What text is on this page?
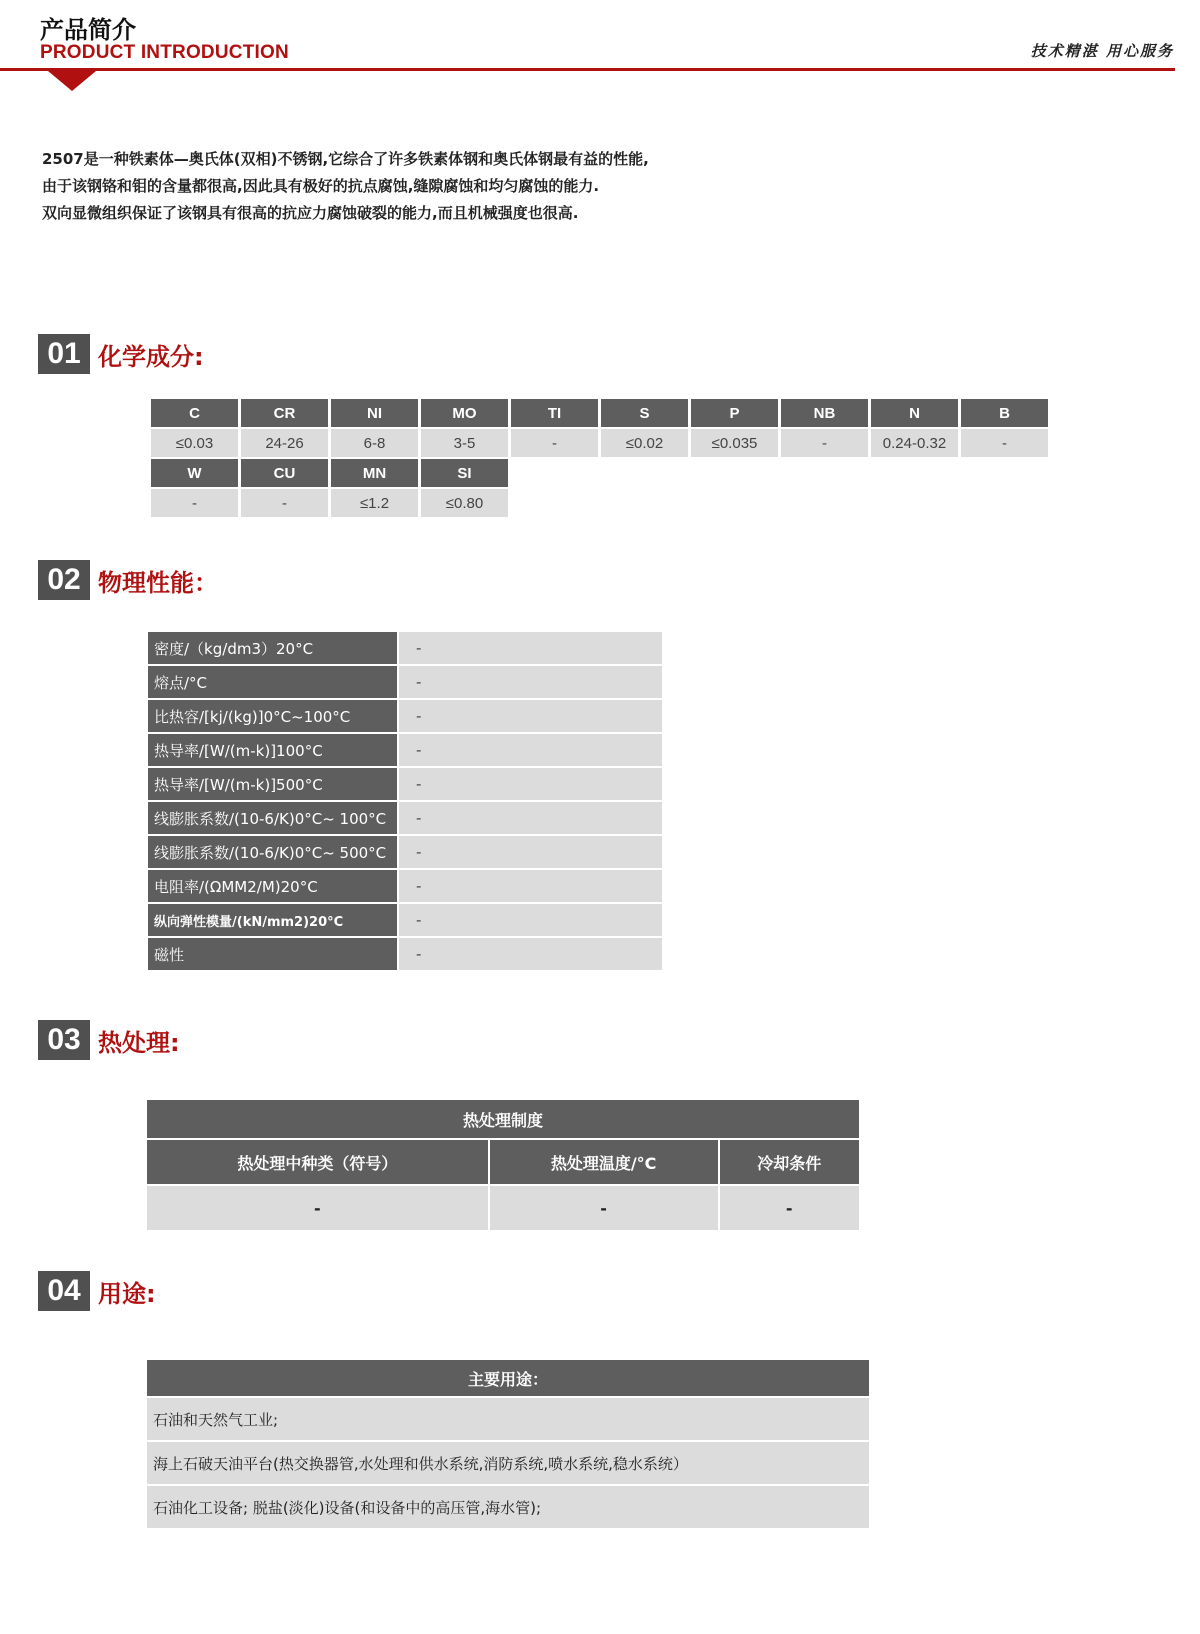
产品简介
PRODUCT INTRODUCTION	技术精湛 用心服务
2507是一种铁素体—奥氏体(双相)不锈钢,它综合了许多铁素体钢和奥氏体钢最有益的性能,
由于该钢铬和钼的含量都很高,因此具有极好的抗点腐蚀,缝隙腐蚀和均匀腐蚀的能力.
双向显微组织保证了该钢具有很高的抗应力腐蚀破裂的能力,而且机械强度也很高.
01 化学成分:
C	CR	NI	MO	TI	S	P	NB	N	B
≤0.03	24-26	6-8	3-5	-	≤0.02	≤0.035	-	0.24-0.32	-
W	CU	MN	SI						
-	-	≤1.2	≤0.80						
02 物理性能：
密度/（kg/dm3）20°C	-
熔点/°C	-
比热容/[kj/(kg)]0°C~100°C	-
热导率/[W/(m-k)]100°C	-
热导率/[W/(m-k)]500°C	-
线膨胀系数/(10-6/K)0°C~ 100°C	-
线膨胀系数/(10-6/K)0°C~ 500°C	-
电阻率/(ΩMM2/M)20°C	-
纵向弹性模量/(kN/mm2)20°C	-
磁性	-
03 热处理:
热处理制度		
热处理中种类（符号）	热处理温度/°C	冷却条件
-	-	-
04 用途:
主要用途：
石油和天然气工业;
海上石破天油平台(热交换器管,水处理和供水系统,消防系统,喷水系统,稳水系统）
石油化工设备; 脱盐(淡化)设备(和设备中的高压管,海水管);
